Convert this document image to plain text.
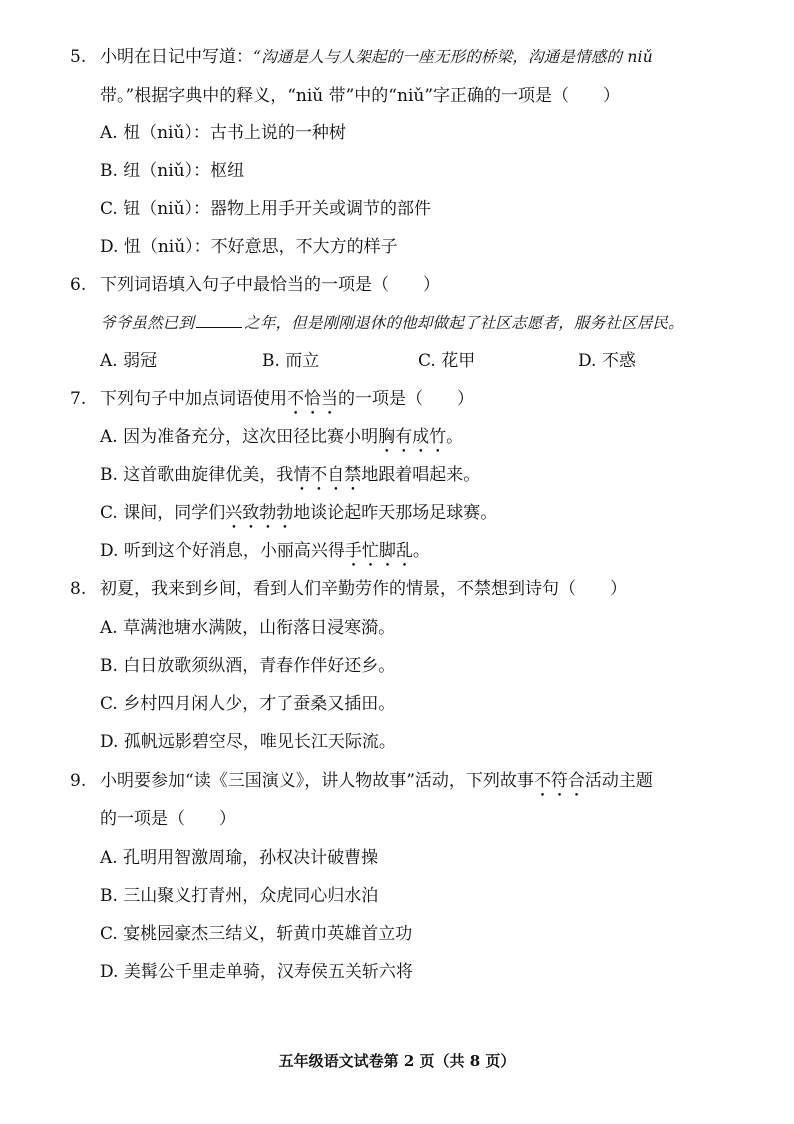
5. 小明在日记中写道：“沟通是人与人架起的一座无形的桥梁，沟通是情感的 niǔ
带。”根据字典中的释义，“niǔ 带”中的“niǔ”字正确的一项是（　　）
A. 杻（niǔ）：古书上说的一种树
B. 纽（niǔ）：枢纽
C. 钮（niǔ）：器物上用手开关或调节的部件
D. 忸（niǔ）：不好意思，不大方的样子
6. 下列词语填入句子中最恰当的一项是（　　）
爷爷虽然已到	之年，但是刚刚退休的他却做起了社区志愿者，服务社区居民。
A. 弱冠	B. 而立	C. 花甲	D. 不惑
7. 下列句子中加点词语使用不恰当的一项是（　　）
A. 因为准备充分，这次田径比赛小明胸有成竹。
B. 这首歌曲旋律优美，我情不自禁地跟着唱起来。
C. 课间，同学们兴致勃勃地谈论起昨天那场足球赛。
D. 听到这个好消息，小丽高兴得手忙脚乱。
8. 初夏，我来到乡间，看到人们辛勤劳作的情景，不禁想到诗句（　　）
A. 草满池塘水满陂，山衔落日浸寒漪。
B. 白日放歌须纵酒，青春作伴好还乡。
C. 乡村四月闲人少，才了蚕桑又插田。
D. 孤帆远影碧空尽，唯见长江天际流。
9. 小明要参加“读《三国演义》，讲人物故事”活动，下列故事不符合活动主题
的一项是（　　）
A. 孔明用智激周瑜，孙权决计破曹操
B. 三山聚义打青州，众虎同心归水泊
C. 宴桃园豪杰三结义，斩黄巾英雄首立功
D. 美髯公千里走单骑，汉寿侯五关斩六将
五年级语文试卷第 2 页（共 8 页）
